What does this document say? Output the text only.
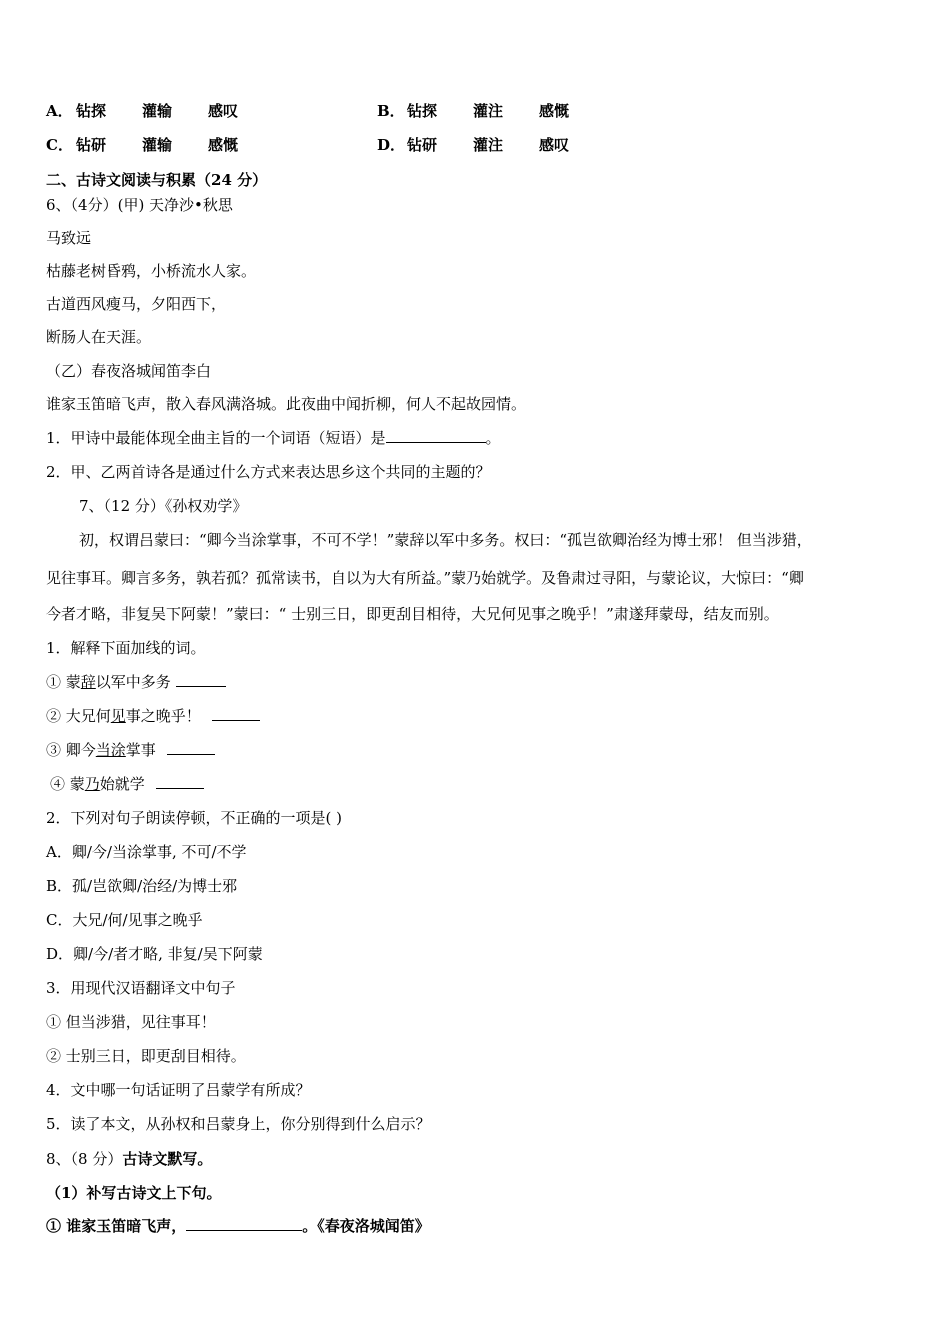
A． 钻探 灌输 感叹	B． 钻探 灌注 感慨
C． 钻研 灌输 感慨	D． 钻研 灌注 感叹
二、古诗文阅读与积累（24 分）
6、（4分）(甲) 天净沙•秋思
马致远
枯藤老树昏鸦，小桥流水人家。
古道西风瘦马，夕阳西下，
断肠人在天涯。
（乙）春夜洛城闻笛李白
谁家玉笛暗飞声，散入春风满洛城。此夜曲中闻折柳，何人不起故园情。
1．甲诗中最能体现全曲主旨的一个词语（短语）是	。
2．甲、乙两首诗各是通过什么方式来表达思乡这个共同的主题的？
7、（12 分）《孙权劝学》
初，权谓吕蒙曰：“卿今当涂掌事，不可不学！”蒙辞以军中多务。权曰：“孤岂欲卿治经为博士邪！ 但当涉猎，
见往事耳。卿言多务，孰若孤？孤常读书，自以为大有所益。”蒙乃始就学。及鲁肃过寻阳，与蒙论议，大惊曰：“卿
今者才略，非复吴下阿蒙！”蒙曰：“ 士别三日，即更刮目相待，大兄何见事之晚乎！”肃遂拜蒙母，结友而别。
1．解释下面加线的词。
① 蒙辞以军中多务
② 大兄何见事之晚乎！
③ 卿今当涂掌事
④ 蒙乃始就学
2．下列对句子朗读停顿，不正确的一项是( )
A．卿/今/当涂掌事, 不可/不学
B．孤/岂欲卿/治经/为博士邪
C．大兄/何/见事之晚乎
D．卿/今/者才略, 非复/吴下阿蒙
3．用现代汉语翻译文中句子
① 但当涉猎，见往事耳！
② 士别三日，即更刮目相待。
4．文中哪一句话证明了吕蒙学有所成？
5．读了本文，从孙权和吕蒙身上，你分别得到什么启示？
8、（8 分）古诗文默写。
（1）补写古诗文上下句。
① 谁家玉笛暗飞声，	。《春夜洛城闻笛》
